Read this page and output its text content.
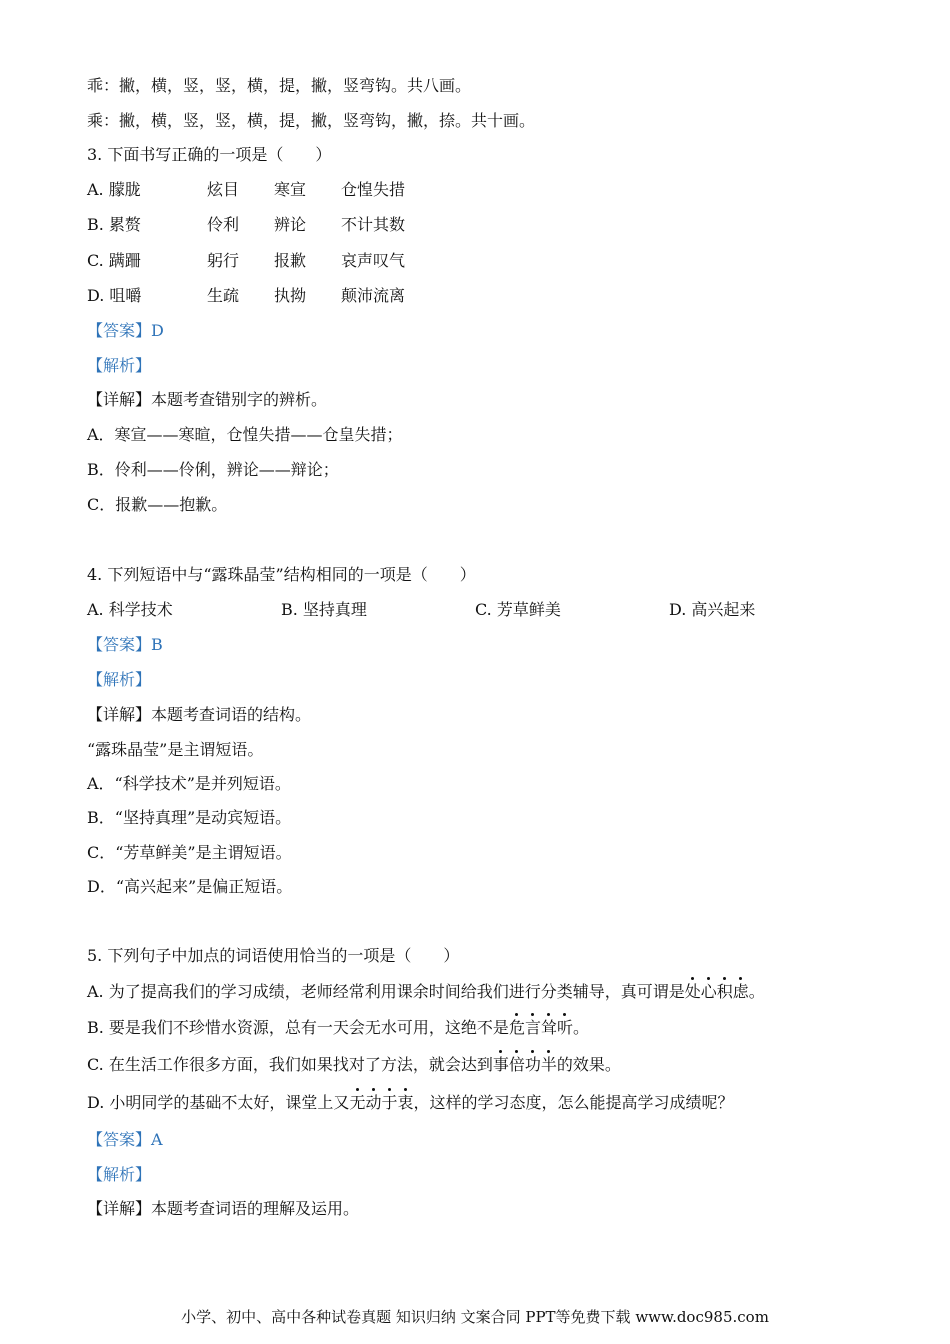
乖：撇，横，竖，竖，横，提，撇，竖弯钩。共八画。
乘：撇，横，竖，竖，横，提，撇，竖弯钩，撇，捺。共十画。
3. 下面书写正确的一项是（　　）
A. 朦胧	炫目 寒宣 仓惶失措
B. 累赘	伶利 辨论 不计其数
C. 蹒跚	躬行 报歉 哀声叹气
D. 咀嚼	生疏 执拗 颠沛流离
【答案】D
【解析】
【详解】本题考查错别字的辨析。
A．寒宣——寒暄，仓惶失措——仓皇失措；
B．伶利——伶俐，辨论——辩论；
C．报歉——抱歉。
4. 下列短语中与“露珠晶莹”结构相同的一项是（　　）
A. 科学技术	B. 坚持真理	C. 芳草鲜美	D. 高兴起来
【答案】B
【解析】
【详解】本题考查词语的结构。
“露珠晶莹”是主谓短语。
A．“科学技术”是并列短语。
B．“坚持真理”是动宾短语。
C．“芳草鲜美”是主谓短语。
D．“高兴起来”是偏正短语。
5. 下列句子中加点的词语使用恰当的一项是（　　）
A. 为了提高我们的学习成绩，老师经常利用课余时间给我们进行分类辅导，真可谓是处心积虑。
B. 要是我们不珍惜水资源，总有一天会无水可用，这绝不是危言耸听。
C. 在生活工作很多方面，我们如果找对了方法，就会达到事倍功半的效果。
D. 小明同学的基础不太好，课堂上又无动于衷，这样的学习态度，怎么能提高学习成绩呢？
【答案】A
【解析】
【详解】本题考查词语的理解及运用。
小学、初中、高中各种试卷真题 知识归纳 文案合同 PPT等免费下载 www.doc985.com
